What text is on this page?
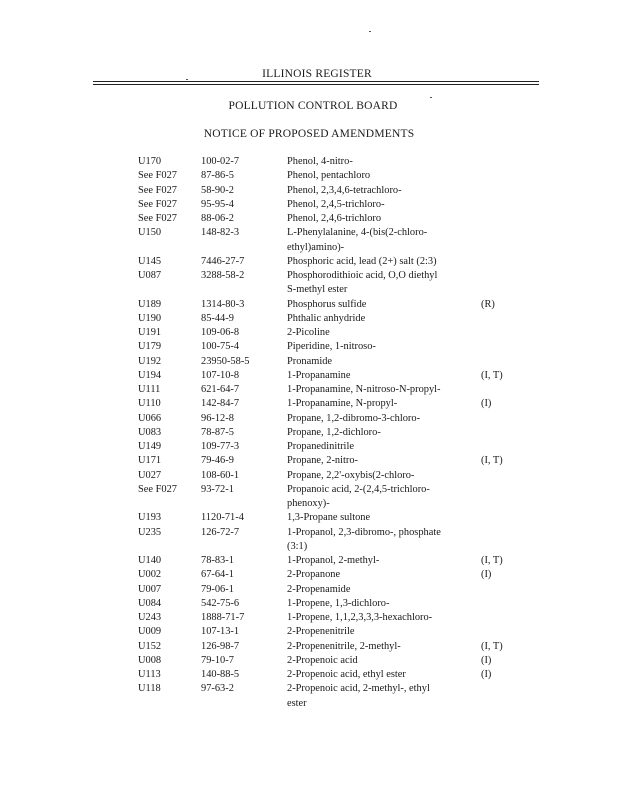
ILLINOIS REGISTER
POLLUTION CONTROL BOARD
NOTICE OF PROPOSED AMENDMENTS
U170	100-02-7	Phenol, 4-nitro-
See F027	87-86-5	Phenol, pentachloro
See F027	58-90-2	Phenol, 2,3,4,6-tetrachloro-
See F027	95-95-4	Phenol, 2,4,5-trichloro-
See F027	88-06-2	Phenol, 2,4,6-trichloro
U150	148-82-3	L-Phenylalanine, 4-(bis(2-chloro-
ethyl)amino)-
U145	7446-27-7	Phosphoric acid, lead (2+) salt (2:3)
U087	3288-58-2	Phosphorodithioic acid, O,O diethyl
S-methyl ester
U189	1314-80-3	Phosphorus sulfide	(R)
U190	85-44-9	Phthalic anhydride
U191	109-06-8	2-Picoline
U179	100-75-4	Piperidine, 1-nitroso-
U192	23950-58-5	Pronamide
U194	107-10-8	1-Propanamine	(I, T)
U111	621-64-7	1-Propanamine, N-nitroso-N-propyl-
U110	142-84-7	1-Propanamine, N-propyl-	(I)
U066	96-12-8	Propane, 1,2-dibromo-3-chloro-
U083	78-87-5	Propane, 1,2-dichloro-
U149	109-77-3	Propanedinitrile
U171	79-46-9	Propane, 2-nitro-	(I, T)
U027	108-60-1	Propane, 2,2'-oxybis(2-chloro-
See F027	93-72-1	Propanoic acid, 2-(2,4,5-trichloro-
phenoxy)-
U193	1120-71-4	1,3-Propane sultone
U235	126-72-7	1-Propanol, 2,3-dibromo-, phosphate
(3:1)
U140	78-83-1	1-Propanol, 2-methyl-	(I, T)
U002	67-64-1	2-Propanone	(I)
U007	79-06-1	2-Propenamide
U084	542-75-6	1-Propene, 1,3-dichloro-
U243	1888-71-7	1-Propene, 1,1,2,3,3,3-hexachloro-
U009	107-13-1	2-Propenenitrile
U152	126-98-7	2-Propenenitrile, 2-methyl-	(I, T)
U008	79-10-7	2-Propenoic acid	(I)
U113	140-88-5	2-Propenoic acid, ethyl ester	(I)
U118	97-63-2	2-Propenoic acid, 2-methyl-, ethyl
ester
